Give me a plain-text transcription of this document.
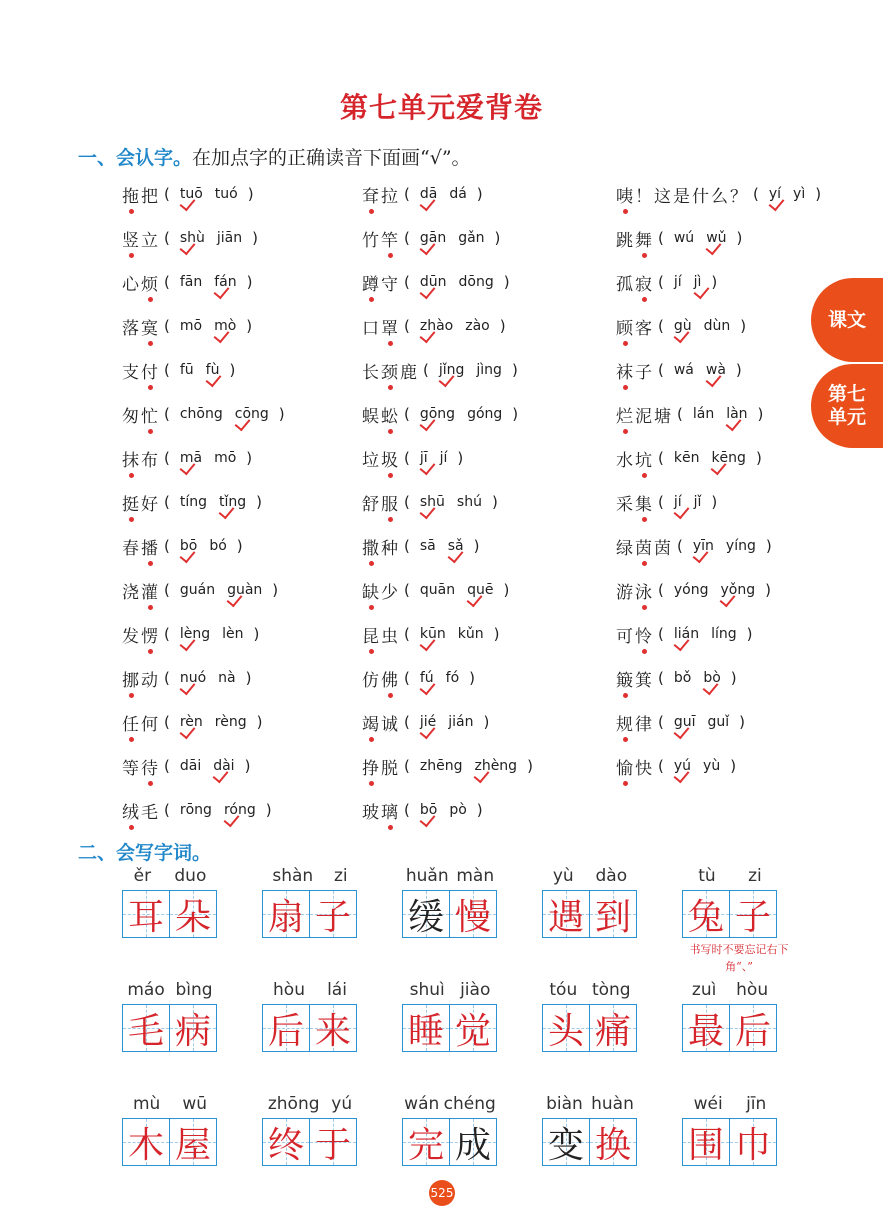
第七单元爱背卷
一、会认字。在加点字的正确读音下面画“√”。
课文
第七
单元
拖把 ( tuō tuó )	耷拉 ( dā dá )	咦！这是什么？ ( yí yì )
竖立 ( shù jiān )	竹竿 ( gān gǎn )	跳舞 ( wú wǔ )
心烦 ( fān fán )	蹲守 ( dūn dōng )	孤寂 ( jí jì )
落寞 ( mō mò )	口罩 ( zhào zào )	顾客 ( gù dùn )
支付 ( fū fù )	长颈鹿 ( jǐng jìng )	袜子 ( wá wà )
匆忙 ( chōng cōng )	蜈蚣 ( gōng góng )	烂泥塘 ( lán làn )
抹布 ( mā mō )	垃圾 ( jī jí )	水坑 ( kēn kēng )
挺好 ( tíng tǐng )	舒服 ( shū shú )	采集 ( jí jǐ )
春播 ( bō bó )	撒种 ( sā sǎ )	绿茵茵 ( yīn yíng )
浇灌 ( guán guàn )	缺少 ( quān quē )	游泳 ( yóng yǒng )
发愣 ( lèng lèn )	昆虫 ( kūn kǔn )	可怜 ( lián líng )
挪动 ( nuó nà )	仿佛 ( fú fó )	簸箕 ( bǒ bò )
任何 ( rèn rèng )	竭诚 ( jié jián )	规律 ( guī guǐ )
等待 ( dāi dài )	挣脱 ( zhēng zhèng )	愉快 ( yú yù )
绒毛 ( rōng róng )	玻璃 ( bō pò )
二、会写字词。
ěr duo
耳 朵
shàn zi
扇 子
huǎn màn
缓 慢
yù dào
遇 到
tù zi
兔 子
书写时不要忘记右下角“、”
máo bìng
毛 病
hòu lái
后 来
shuì jiào
睡 觉
tóu tòng
头 痛
zuì hòu
最 后
mù wū
木 屋
zhōng yú
终 于
wán chéng
完 成
biàn huàn
变 换
wéi jīn
围 巾
525
